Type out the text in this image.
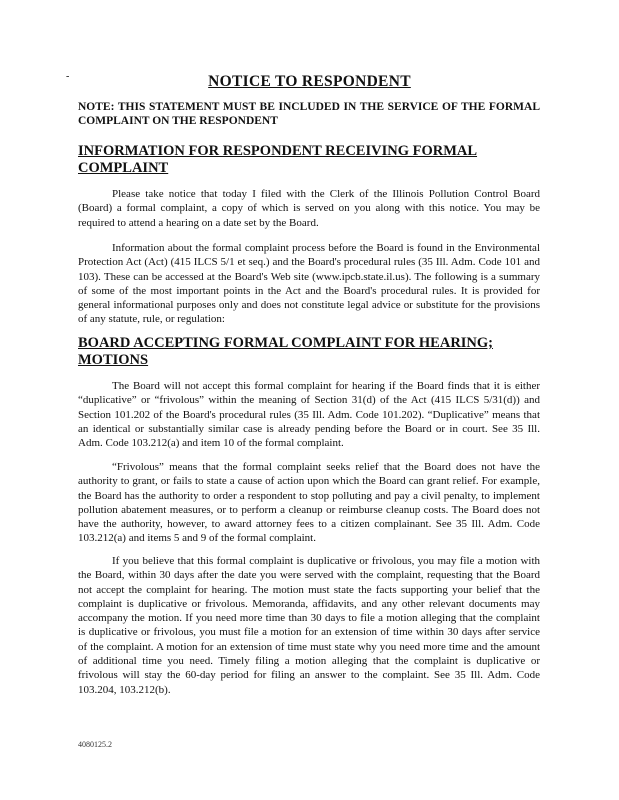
-	NOTICE TO RESPONDENT
NOTE: THIS STATEMENT MUST BE INCLUDED IN THE SERVICE OF THE FORMAL COMPLAINT ON THE RESPONDENT
INFORMATION FOR RESPONDENT RECEIVING FORMAL COMPLAINT

Please take notice that today I filed with the Clerk of the Illinois Pollution Control Board (Board) a formal complaint, a copy of which is served on you along with this notice. You may be required to attend a hearing on a date set by the Board.

Information about the formal complaint process before the Board is found in the Environmental Protection Act (Act) (415 ILCS 5/1 et seq.) and the Board's procedural rules (35 Ill. Adm. Code 101 and 103). These can be accessed at the Board's Web site (www.ipcb.state.il.us). The following is a summary of some of the most important points in the Act and the Board's procedural rules. It is provided for general informational purposes only and does not constitute legal advice or substitute for the provisions of any statute, rule, or regulation:

BOARD ACCEPTING FORMAL COMPLAINT FOR HEARING; MOTIONS

The Board will not accept this formal complaint for hearing if the Board finds that it is either “duplicative” or “frivolous” within the meaning of Section 31(d) of the Act (415 ILCS 5/31(d)) and Section 101.202 of the Board's procedural rules (35 Ill. Adm. Code 101.202). “Duplicative” means that an identical or substantially similar case is already pending before the Board or in court. See 35 Ill. Adm. Code 103.212(a) and item 10 of the formal complaint.

“Frivolous” means that the formal complaint seeks relief that the Board does not have the authority to grant, or fails to state a cause of action upon which the Board can grant relief. For example, the Board has the authority to order a respondent to stop polluting and pay a civil penalty, to implement pollution abatement measures, or to perform a cleanup or reimburse cleanup costs. The Board does not have the authority, however, to award attorney fees to a citizen complainant. See 35 Ill. Adm. Code 103.212(a) and items 5 and 9 of the formal complaint.

If you believe that this formal complaint is duplicative or frivolous, you may file a motion with the Board, within 30 days after the date you were served with the complaint, requesting that the Board not accept the complaint for hearing. The motion must state the facts supporting your belief that the complaint is duplicative or frivolous. Memoranda, affidavits, and any other relevant documents may accompany the motion. If you need more time than 30 days to file a motion alleging that the complaint is duplicative or frivolous, you must file a motion for an extension of time within 30 days after service of the complaint. A motion for an extension of time must state why you need more time and the amount of additional time you need. Timely filing a motion alleging that the complaint is duplicative or frivolous will stay the 60-day period for filing an answer to the complaint. See 35 Ill. Adm. Code 103.204, 103.212(b).

4080125.2
